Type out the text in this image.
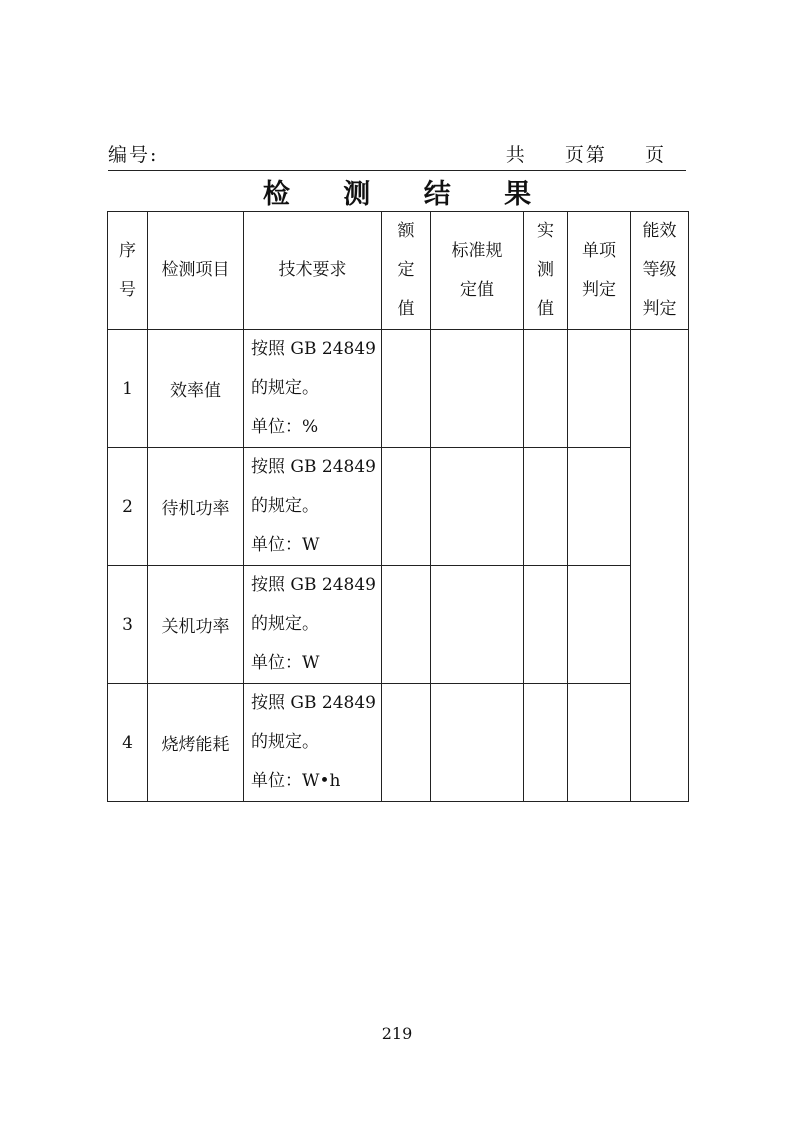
编号:	共 页第 页
检 测 结 果
序号	检测项目	技术要求	额定值	标准规定值	实测值	单项判定	能效等级判定
1	效率值	按照 GB 24849
的规定。
单位：%					

2	待机功率	按照 GB 24849
的规定。
单位：W					

3	关机功率	按照 GB 24849
的规定。
单位：W					

4	烧烤能耗	按照 GB 24849
的规定。
单位：W•h					

219
